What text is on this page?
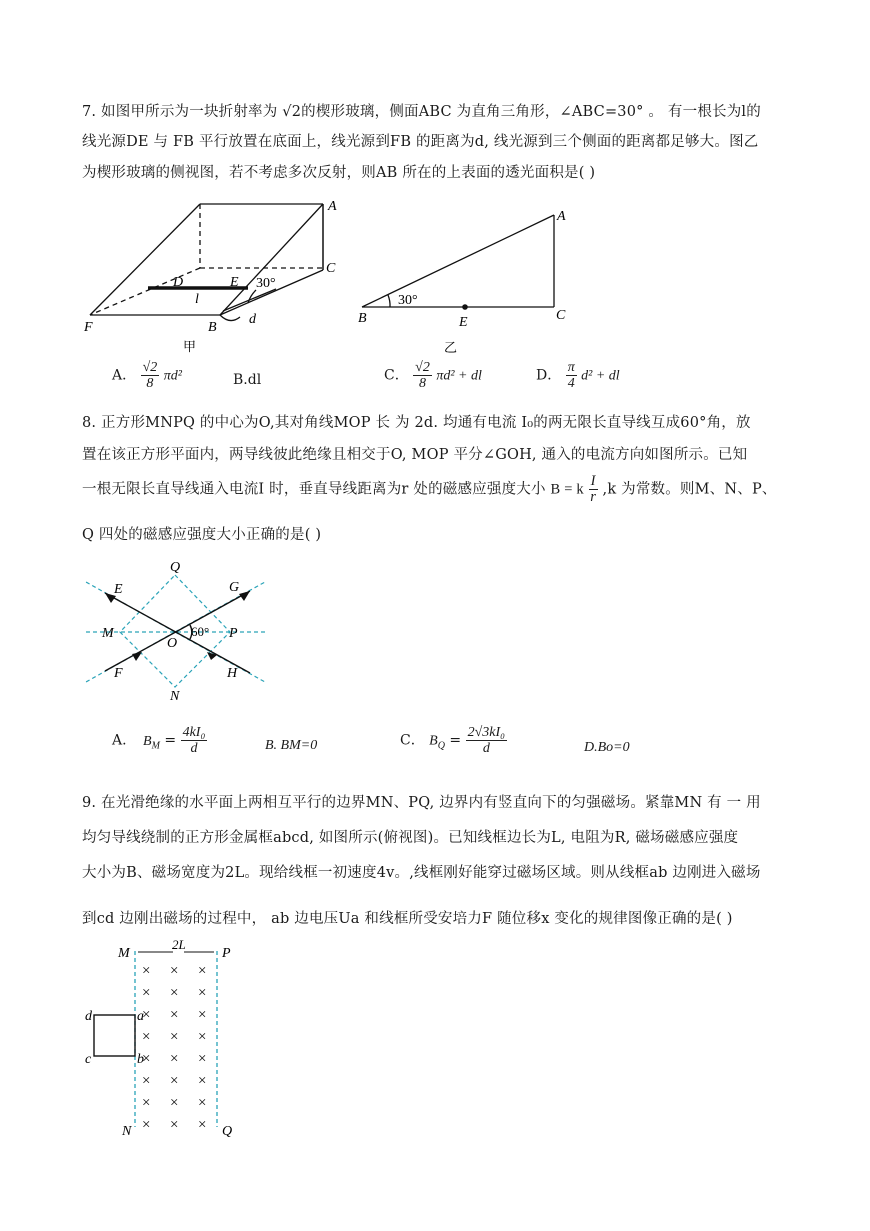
7. 如图甲所示为一块折射率为 √2的楔形玻璃，侧面ABC 为直角三角形，∠ABC=30° 。 有一根长为l的
线光源DE 与 FB 平行放置在底面上，线光源到FB 的距离为d, 线光源到三个侧面的距离都足够大。图乙
为楔形玻璃的侧视图，若不考虑多次反射，则AB 所在的上表面的透光面积是( )
A
C
D	E 30°
l
d
F	B
甲
A
30°
B	E	C
乙
A． $\frac{√2}{8} \pi d^2$	B.dl	C． $\frac{√2}{8} \pi d^2$ + dl	D． $\frac{\pi}{4} d^2$ + dl
8. 正方形MNPQ 的中心为O,其对角线MOP 长 为 2d. 均通有电流 I₀的两无限长直导线互成60°角，放
置在该正方形平面内，两导线彼此绝缘且相交于O, MOP 平分∠GOH, 通入的电流方向如图所示。已知
一根无限长直导线通入电流I 时，垂直导线距离为r 处的磁感应强度大小 B = k $\frac{I}{r} ,k$ 为常数。则M、N、P、
Q 四处的磁感应强度大小正确的是( )
Q
E	G
M
O
60° P
F	H
N
A. $B_M = \frac{\text{4kI₀}}{d}$	B. BM=0	C． $B_Q = \frac{\text{2√3kI₀}}{d}$	D.Bo=0
9. 在光滑绝缘的水平面上两相互平行的边界MN、PQ, 边界内有竖直向下的匀强磁场。紧靠MN 有 一 用
均匀导线绕制的正方形金属框abcd, 如图所示(俯视图)。已知线框边长为L, 电阻为R, 磁场磁感应强度
大小为B、磁场宽度为2L。现给线框一初速度4v。,线框刚好能穿过磁场区域。则从线框ab 边刚进入磁场
到cd 边刚出磁场的过程中， ab 边电压Ua 和线框所受安培力F 随位移x 变化的规律图像正确的是( )
× × ×
× × ×
× × ×
× × ×
× × ×
× × ×
× × ×
× × ×
M
2L
P
d	a
c	b
N	Q
